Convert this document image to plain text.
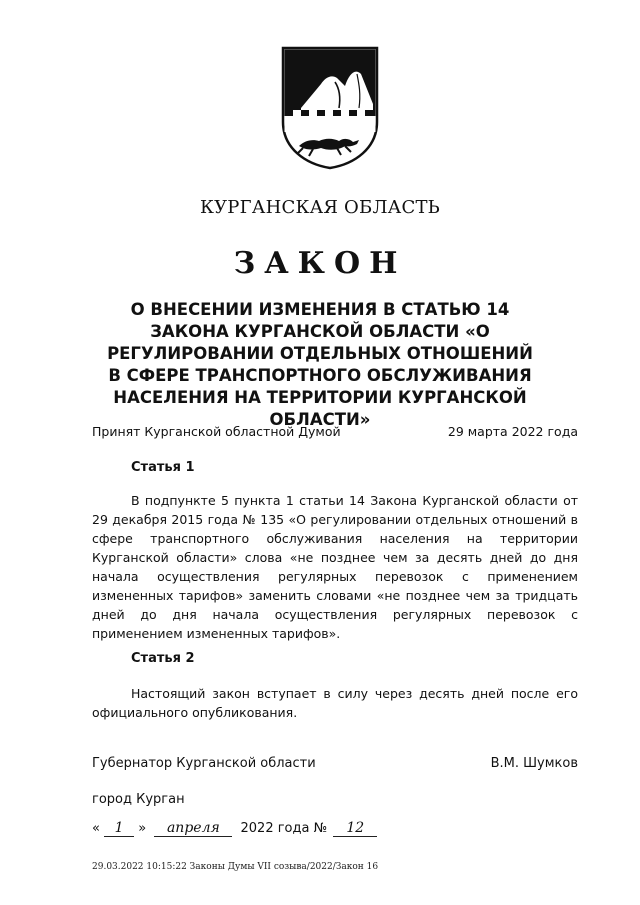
КУРГАНСКАЯ ОБЛАСТЬ
ЗАКОН
О ВНЕСЕНИИ ИЗМЕНЕНИЯ В СТАТЬЮ 14 ЗАКОНА КУРГАНСКОЙ ОБЛАСТИ «О РЕГУЛИРОВАНИИ ОТДЕЛЬНЫХ ОТНОШЕНИЙ В СФЕРЕ ТРАНСПОРТНОГО ОБСЛУЖИВАНИЯ НАСЕЛЕНИЯ НА ТЕРРИТОРИИ КУРГАНСКОЙ ОБЛАСТИ»
Принят Курганской областной Думой	29 марта 2022 года
Статья 1
В подпункте 5 пункта 1 статьи 14 Закона Курганской области от 29 декабря 2015 года № 135 «О регулировании отдельных отношений в сфере транспортного обслуживания населения на территории Курганской области» слова «не позднее чем за десять дней до дня начала осуществления регулярных перевозок с применением измененных тарифов» заменить словами «не позднее чем за тридцать дней до дня начала осуществления регулярных перевозок с применением измененных тарифов».
Статья 2
Настоящий закон вступает в силу через десять дней после его официального опубликования.
Губернатор Курганской области	В.М. Шумков
город Курган
« 1 » апреля 2022 года № 12
29.03.2022 10:15:22 Законы Думы VII созыва/2022/Закон 16
